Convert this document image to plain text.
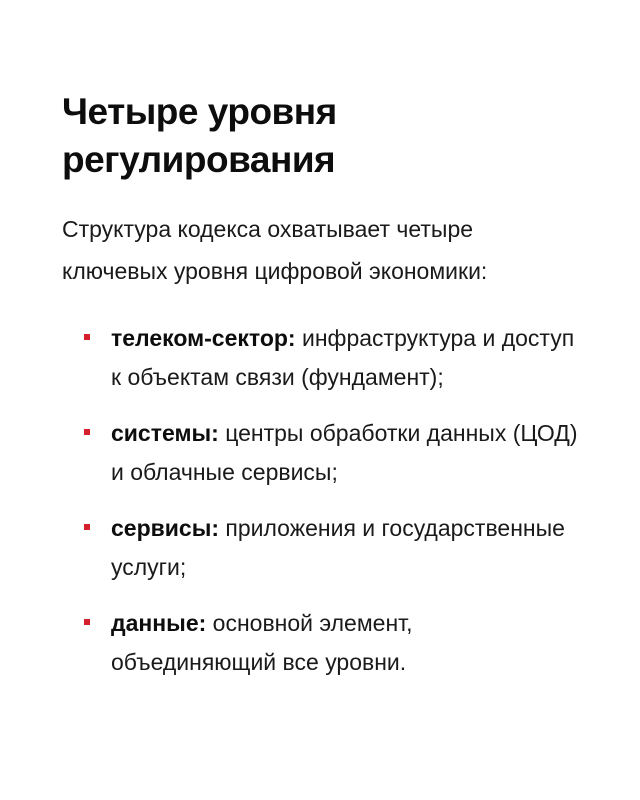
Четыре уровня регулирования

Структура кодекса охватывает четыре ключевых уровня цифровой экономики:

телеком-сектор: инфраструктура и доступ к объектам связи (фундамент);
системы: центры обработки данных (ЦОД) и облачные сервисы;
сервисы: приложения и государственные услуги;
данные: основной элемент, объединяющий все уровни.
